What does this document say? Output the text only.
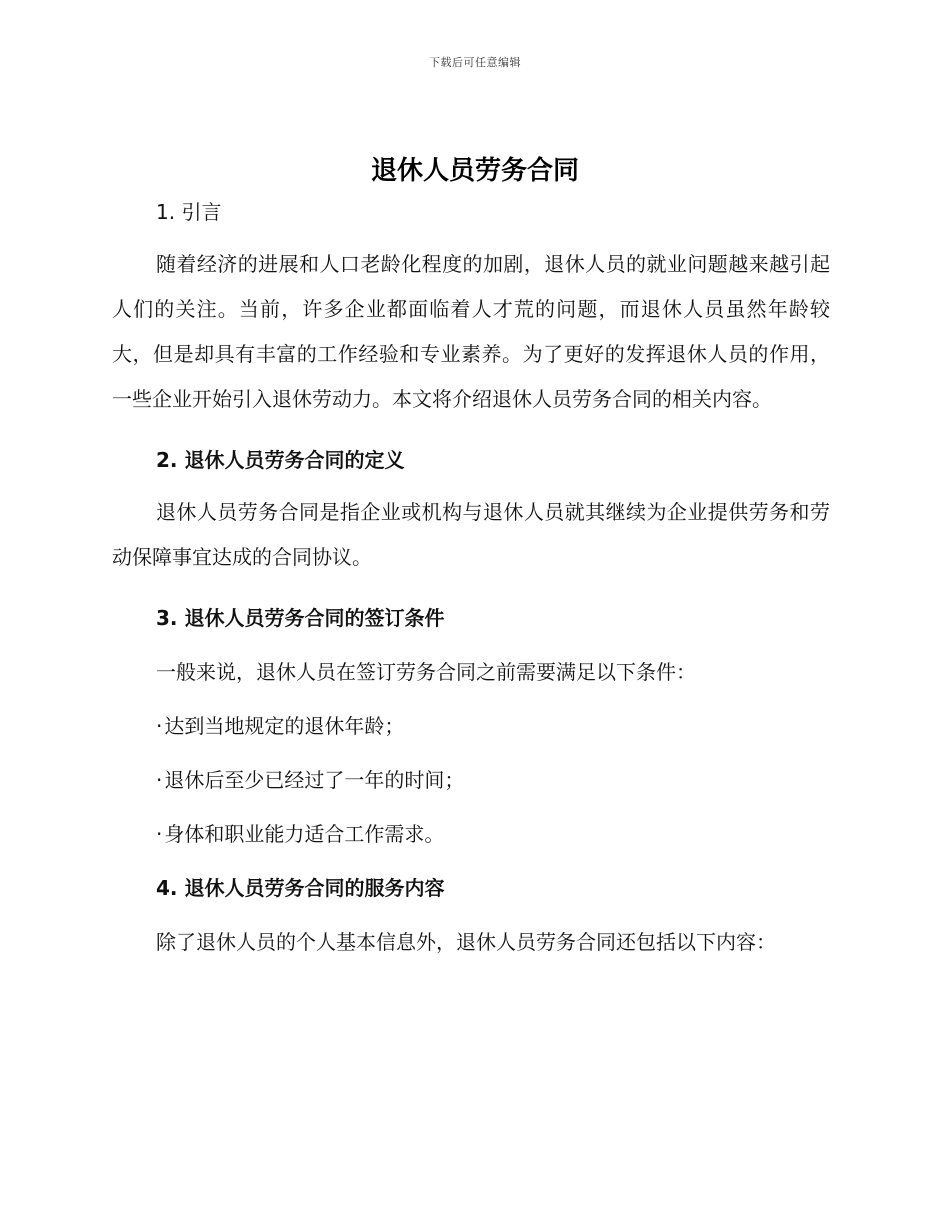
下载后可任意编辑
退休人员劳务合同
1. 引言

随着经济的进展和人口老龄化程度的加剧，退休人员的就业问题越来越引起人们的关注。当前，许多企业都面临着人才荒的问题，而退休人员虽然年龄较大，但是却具有丰富的工作经验和专业素养。为了更好的发挥退休人员的作用，一些企业开始引入退休劳动力。本文将介绍退休人员劳务合同的相关内容。

2. 退休人员劳务合同的定义

退休人员劳务合同是指企业或机构与退休人员就其继续为企业提供劳务和劳动保障事宜达成的合同协议。

3. 退休人员劳务合同的签订条件

一般来说，退休人员在签订劳务合同之前需要满足以下条件：

· 达到当地规定的退休年龄；

· 退休后至少已经过了一年的时间；

· 身体和职业能力适合工作需求。

4. 退休人员劳务合同的服务内容

除了退休人员的个人基本信息外，退休人员劳务合同还包括以下内容：
